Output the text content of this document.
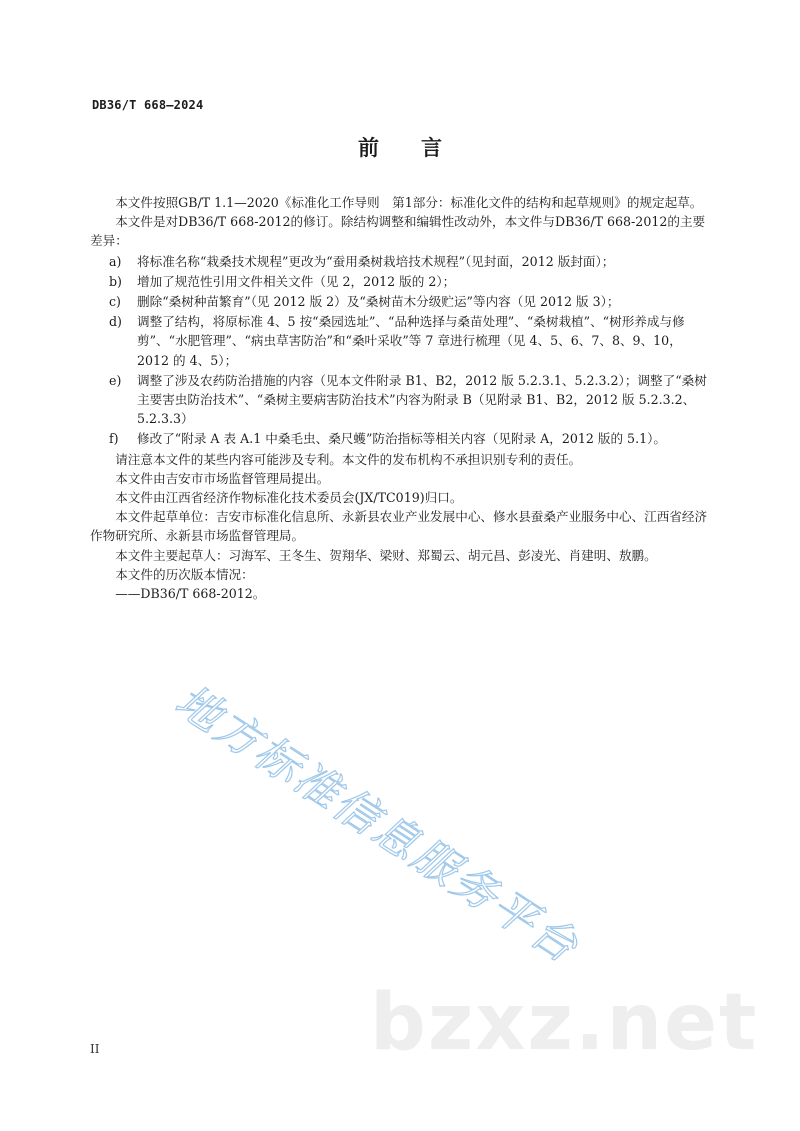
DB36/T 668—2024
前 言

本文件按照GB/T 1.1—2020《标准化工作导则　第1部分：标准化文件的结构和起草规则》的规定起草。

本文件是对DB36/T 668-2012的修订。除结构调整和编辑性改动外，本文件与DB36/T 668-2012的主要差异：

a) 将标准名称“栽桑技术规程”更改为“蚕用桑树栽培技术规程”（见封面，2012 版封面）；
b) 增加了规范性引用文件相关文件（见 2，2012 版的 2）；
c) 删除“桑树种苗繁育”（见 2012 版 2）及“桑树苗木分级贮运”等内容（见 2012 版 3）；
d) 调整了结构，将原标准 4、5 按“桑园选址”、“品种选择与桑苗处理”、“桑树栽植”、“树形养成与修剪”、“水肥管理”、“病虫草害防治”和“桑叶采收”等 7 章进行梳理（见 4、5、6、7、8、9、10， 2012 的 4、5）；
e) 调整了涉及农药防治措施的内容（见本文件附录 B1、B2，2012 版 5.2.3.1、5.2.3.2）；调整了“桑树主要害虫防治技术”、“桑树主要病害防治技术”内容为附录 B（见附录 B1、B2，2012 版 5.2.3.2、5.2.3.3）
f) 修改了“附录 A 表 A.1 中桑毛虫、桑尺蠖”防治指标等相关内容（见附录 A，2012 版的 5.1）。

请注意本文件的某些内容可能涉及专利。本文件的发布机构不承担识别专利的责任。

本文件由吉安市市场监督管理局提出。

本文件由江西省经济作物标准化技术委员会(JX/TC019)归口。

本文件起草单位：吉安市标准化信息所、永新县农业产业发展中心、修水县蚕桑产业服务中心、江西省经济作物研究所、永新县市场监督管理局。

本文件主要起草人：习海军、王冬生、贺翔华、梁财、郑蜀云、胡元昌、彭凌光、肖建明、敖鹏。

本文件的历次版本情况：

——DB36/T 668-2012。

地方标准信息服务平台
bzxz.net
II
